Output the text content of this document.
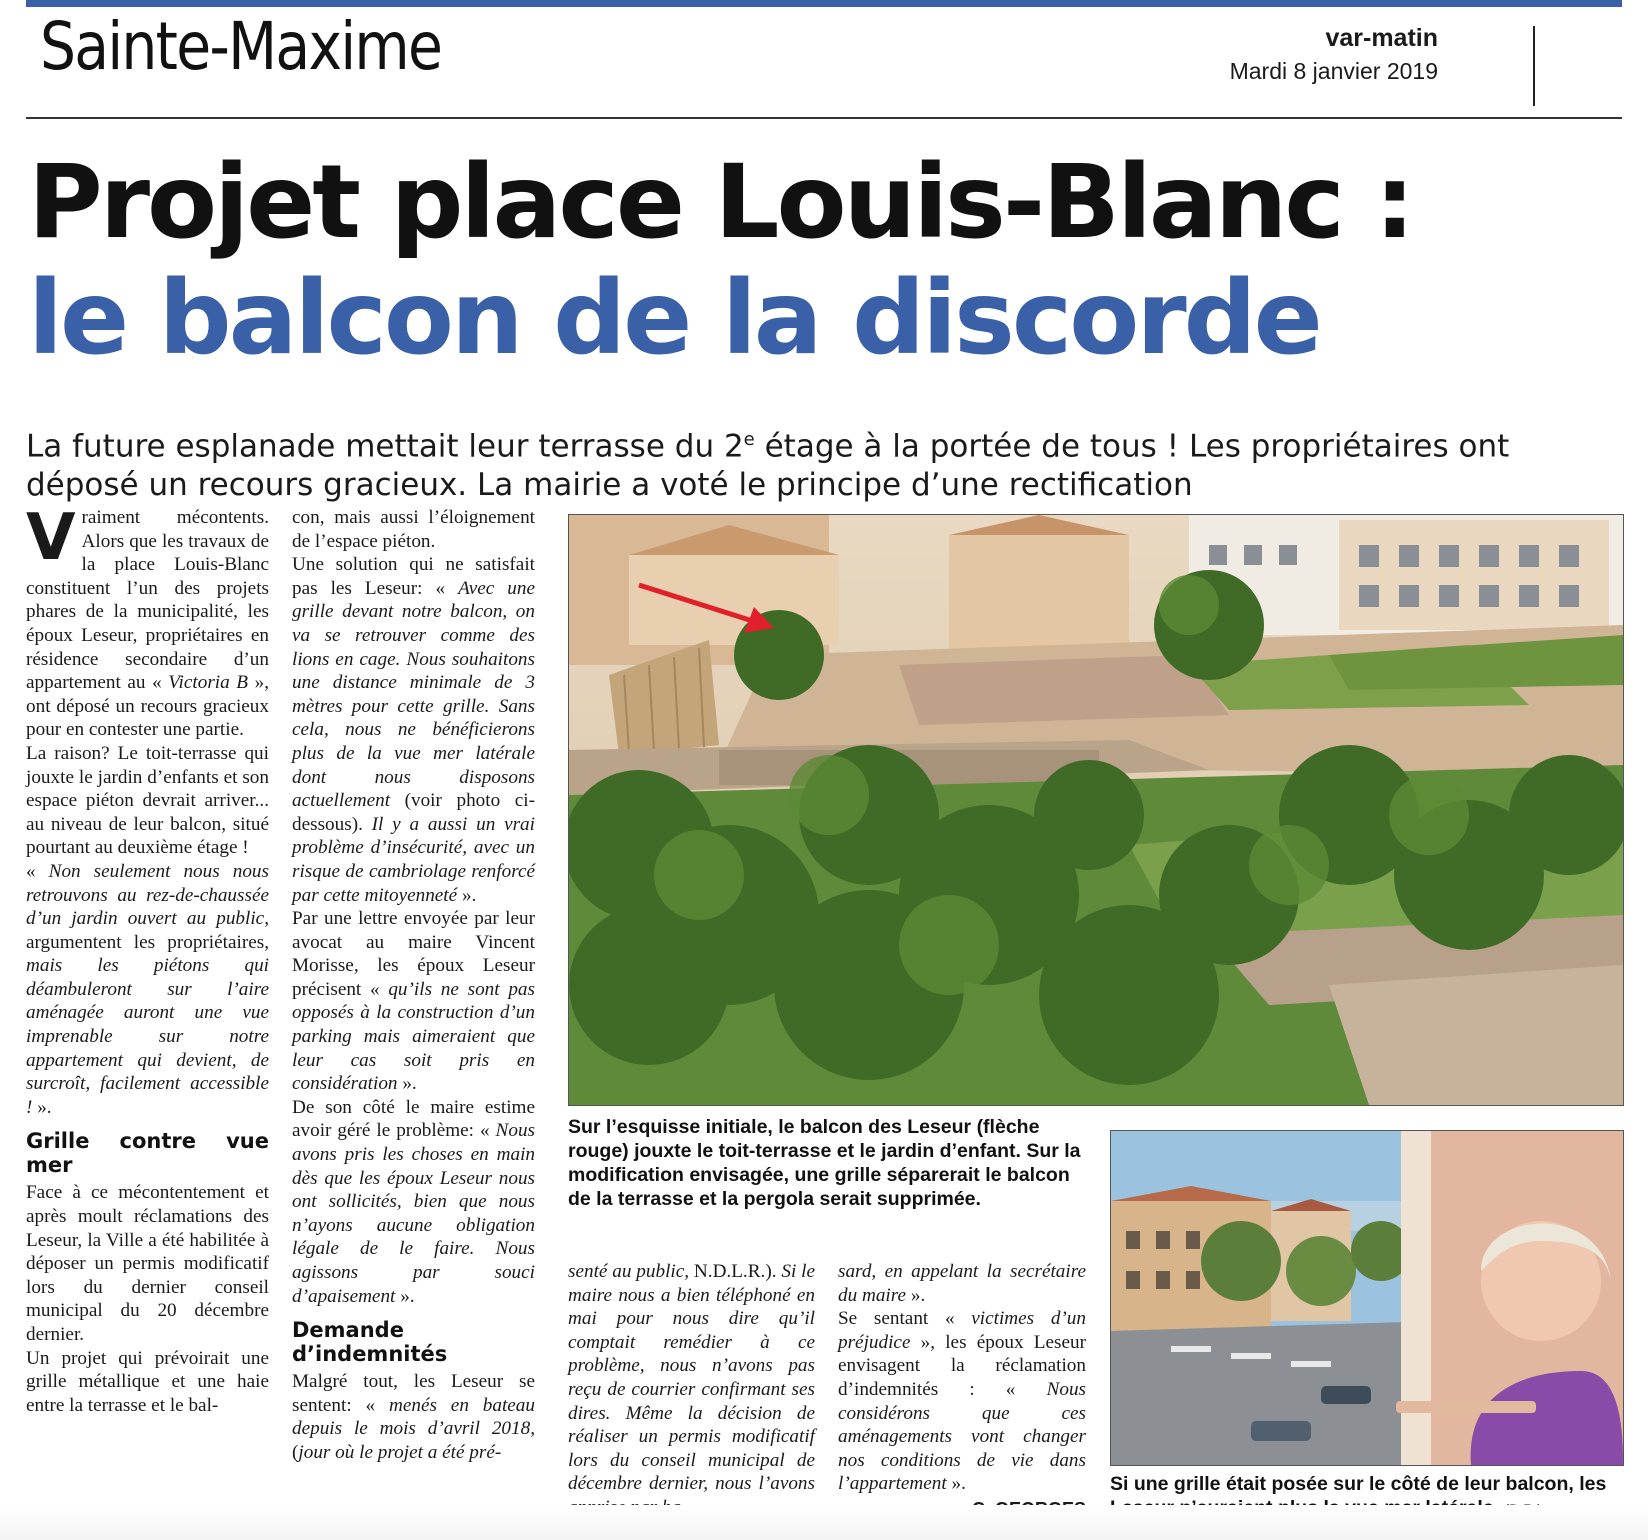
Sainte-Maxime	var-matin
Mardi 8 janvier 2019
Projet place Louis-Blanc :
le balcon de la discorde
La future esplanade mettait leur terrasse du 2e étage à la portée de tous ! Les propriétaires ont déposé un recours gracieux. La mairie a voté le principe d’une rectification

Vraiment mécontents. Alors que les travaux de la place Louis-Blanc constituent l’un des projets phares de la municipalité, les époux Leseur, propriétaires en résidence secondaire d’un appartement au « Victoria B », ont déposé un recours gracieux pour en contester une partie.

La raison? Le toit-terrasse qui jouxte le jardin d’enfants et son espace piéton devrait arriver... au niveau de leur balcon, situé pourtant au deuxième étage !

« Non seulement nous nous retrouvons au rez-de-chaussée d’un jardin ouvert au public, argumentent les propriétaires, mais les piétons qui déambuleront sur l’aire aménagée auront une vue imprenable sur notre appartement qui devient, de surcroît, facilement accessible ! ».

Grille contre vue mer

Face à ce mécontentement et après moult réclamations des Leseur, la Ville a été habilitée à déposer un permis modificatif lors du dernier conseil municipal du 20 décembre dernier.

Un projet qui prévoirait une grille métallique et une haie entre la terrasse et le bal-

con, mais aussi l’éloignement de l’espace piéton.

Une solution qui ne satisfait pas les Leseur: « Avec une grille devant notre balcon, on va se retrouver comme des lions en cage. Nous souhaitons une distance minimale de 3 mètres pour cette grille. Sans cela, nous ne bénéficierons plus de la vue mer latérale dont nous disposons actuellement (voir photo ci-dessous). Il y a aussi un vrai problème d’insécurité, avec un risque de cambriolage renforcé par cette mitoyenneté ».

Par une lettre envoyée par leur avocat au maire Vincent Morisse, les époux Leseur précisent « qu’ils ne sont pas opposés à la construction d’un parking mais aimeraient que leur cas soit pris en considération ».

De son côté le maire estime avoir géré le problème: « Nous avons pris les choses en main dès que les époux Leseur nous ont sollicités, bien que nous n’ayons aucune obligation légale de le faire. Nous agissons par souci d’apaisement ».

Demande d’indemnités

Malgré tout, les Leseur se sentent: « menés en bateau depuis le mois d’avril 2018, (jour où le projet a été pré-

Sur l’esquisse initiale, le balcon des Leseur (flèche rouge) jouxte le toit-terrasse et le jardin d’enfant. Sur la modification envisagée, une grille séparerait le balcon de la terrasse et la pergola serait supprimée.

senté au public, N.D.L.R.). Si le maire nous a bien téléphoné en mai pour nous dire qu’il comptait remédier à ce problème, nous n’avons pas reçu de courrier confirmant ses dires. Même la décision de réaliser un permis modificatif lors du conseil municipal de décembre dernier, nous l’avons

sard, en appelant la secrétaire du maire ».

Se sentant « victimes d’un préjudice », les époux Leseur envisagent la réclamation d’indemnités : « Nous considérons que ces aménagements vont changer nos conditions de vie dans l’appartement ».	Si une grille était posée sur le côté de leur balcon, les
